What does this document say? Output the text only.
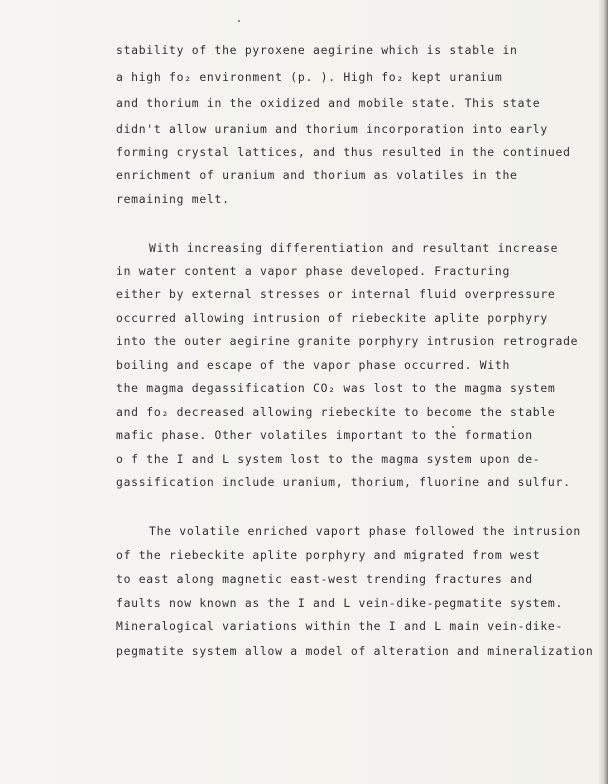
stability of the pyroxene aegirine which is stable in
a high fo₂ environment (p. ). High fo₂ kept uranium
and thorium in the oxidized and mobile state. This state
didn't allow uranium and thorium incorporation into early
forming crystal lattices, and thus resulted in the continued
enrichment of uranium and thorium as volatiles in the
remaining melt.
With increasing differentiation and resultant increase
in water content a vapor phase developed. Fracturing
either by external stresses or internal fluid overpressure
occurred allowing intrusion of riebeckite aplite porphyry
into the outer aegirine granite porphyry intrusion retrograde
boiling and escape of the vapor phase occurred. With
the magma degassification CO₂ was lost to the magma system
and fo₂ decreased allowing riebeckite to become the stable
mafic phase. Other volatiles important to the formation
o f the I and L system lost to the magma system upon de-
gassification include uranium, thorium, fluorine and sulfur.
The volatile enriched vaport phase followed the intrusion
of the riebeckite aplite porphyry and migrated from west
to east along magnetic east-west trending fractures and
faults now known as the I and L vein-dike-pegmatite system.
Mineralogical variations within the I and L main vein-dike-
pegmatite system allow a model of alteration and mineralization
